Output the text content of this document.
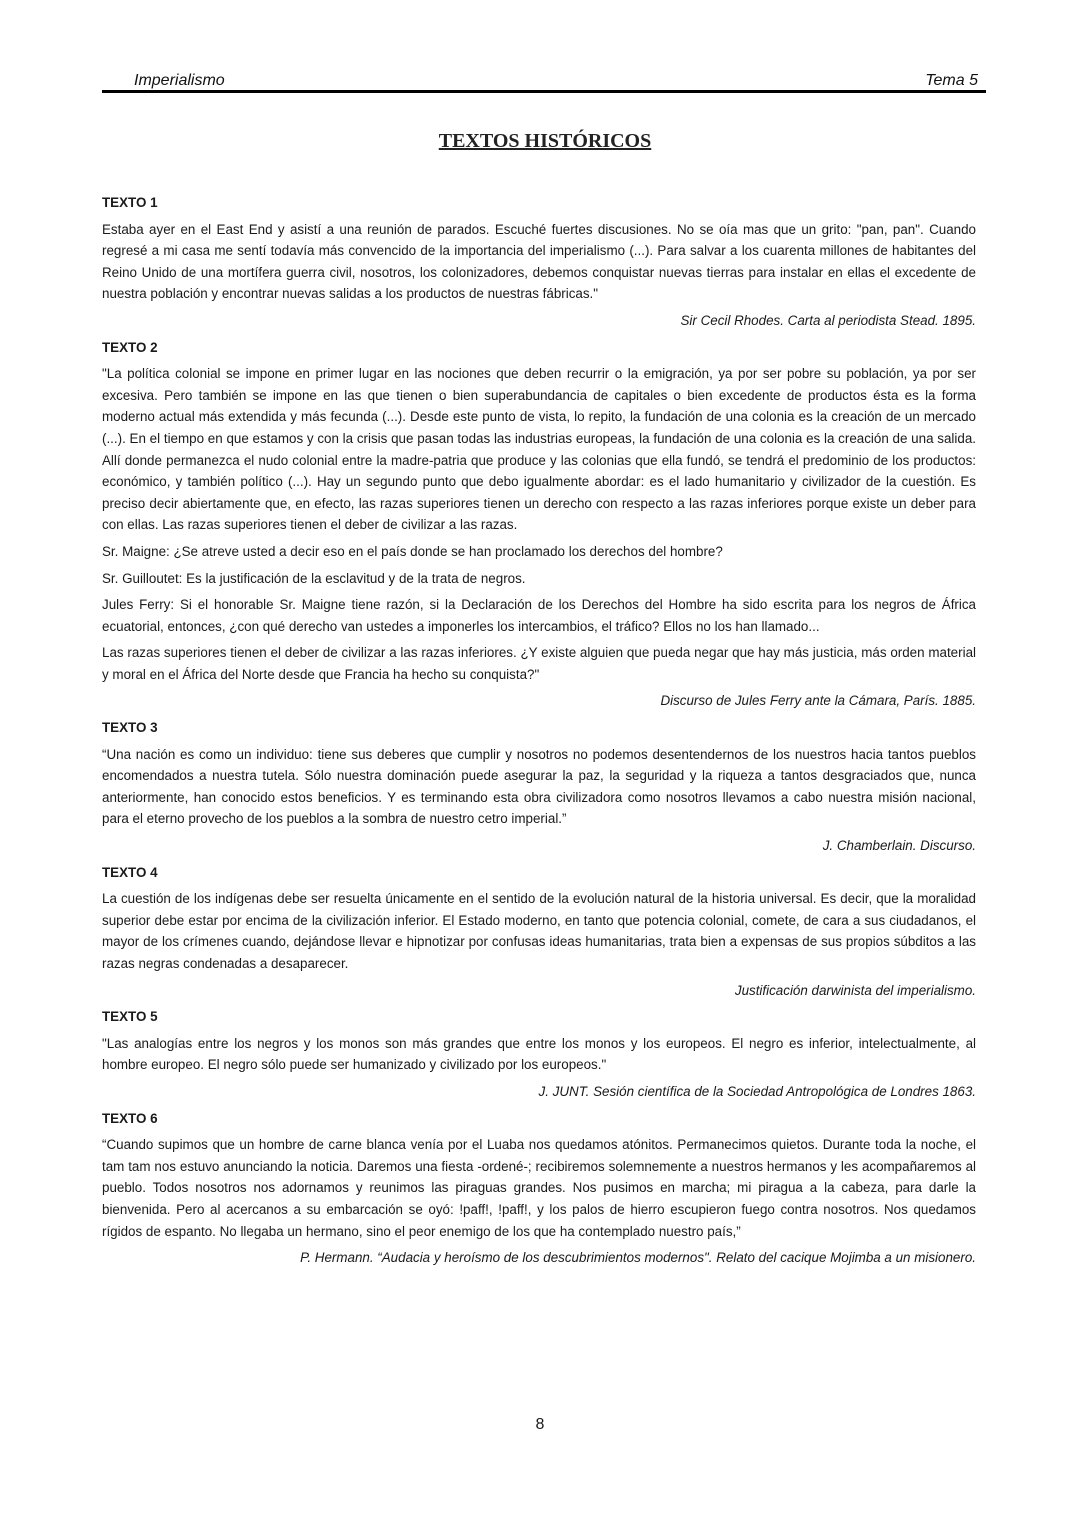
Imperialismo	Tema 5
TEXTOS HISTÓRICOS
TEXTO 1

Estaba ayer en el East End y asistí a una reunión de parados. Escuché fuertes discusiones. No se oía mas que un grito: "pan, pan". Cuando regresé a mi casa me sentí todavía más convencido de la importancia del imperialismo (...). Para salvar a los cuarenta millones de habitantes del Reino Unido de una mortífera guerra civil, nosotros, los colonizadores, debemos conquistar nuevas tierras para instalar en ellas el excedente de nuestra población y encontrar nuevas salidas a los productos de nuestras fábricas."

Sir Cecil Rhodes. Carta al periodista Stead. 1895.

TEXTO 2

"La política colonial se impone en primer lugar en las nociones que deben recurrir o la emigración, ya por ser pobre su población, ya por ser excesiva. Pero también se impone en las que tienen o bien superabundancia de capitales o bien excedente de productos ésta es la forma moderno actual más extendida y más fecunda (...). Desde este punto de vista, lo repito, la fundación de una colonia es la creación de un mercado (...). En el tiempo en que estamos y con la crisis que pasan todas las industrias europeas, la fundación de una colonia es la creación de una salida. Allí donde permanezca el nudo colonial entre la madre-patria que produce y las colonias que ella fundó, se tendrá el predominio de los productos: económico, y también político (...). Hay un segundo punto que debo igualmente abordar: es el lado humanitario y civilizador de la cuestión. Es preciso decir abiertamente que, en efecto, las razas superiores tienen un derecho con respecto a las razas inferiores porque existe un deber para con ellas. Las razas superiores tienen el deber de civilizar a las razas.

Sr. Maigne: ¿Se atreve usted a decir eso en el país donde se han proclamado los derechos del hombre?

Sr. Guilloutet: Es la justificación de la esclavitud y de la trata de negros.

Jules Ferry: Si el honorable Sr. Maigne tiene razón, si la Declaración de los Derechos del Hombre ha sido escrita para los negros de África ecuatorial, entonces, ¿con qué derecho van ustedes a imponerles los intercambios, el tráfico? Ellos no los han llamado...

Las razas superiores tienen el deber de civilizar a las razas inferiores. ¿Y existe alguien que pueda negar que hay más justicia, más orden material y moral en el África del Norte desde que Francia ha hecho su conquista?"

Discurso de Jules Ferry ante la Cámara, París. 1885.

TEXTO 3

“Una nación es como un individuo: tiene sus deberes que cumplir y nosotros no podemos desentendernos de los nuestros hacia tantos pueblos encomendados a nuestra tutela. Sólo nuestra dominación puede asegurar la paz, la seguridad y la riqueza a tantos desgraciados que, nunca anteriormente, han conocido estos beneficios. Y es terminando esta obra civilizadora como nosotros llevamos a cabo nuestra misión nacional, para el eterno provecho de los pueblos a la sombra de nuestro cetro imperial.”

J. Chamberlain. Discurso.

TEXTO 4

La cuestión de los indígenas debe ser resuelta únicamente en el sentido de la evolución natural de la historia universal. Es decir, que la moralidad superior debe estar por encima de la civilización inferior. El Estado moderno, en tanto que potencia colonial, comete, de cara a sus ciudadanos, el mayor de los crímenes cuando, dejándose llevar e hipnotizar por confusas ideas humanitarias, trata bien a expensas de sus propios súbditos a las razas negras condenadas a desaparecer.

Justificación darwinista del imperialismo.

TEXTO 5

"Las analogías entre los negros y los monos son más grandes que entre los monos y los europeos. El negro es inferior, intelectualmente, al hombre europeo. El negro sólo puede ser humanizado y civilizado por los europeos."

J. JUNT. Sesión científica de la Sociedad Antropológica de Londres 1863.

TEXTO 6

“Cuando supimos que un hombre de carne blanca venía por el Luaba nos quedamos atónitos. Permanecimos quietos. Durante toda la noche, el tam tam nos estuvo anunciando la noticia. Daremos una fiesta -ordené-; recibiremos solemnemente a nuestros hermanos y les acompañaremos al pueblo. Todos nosotros nos adornamos y reunimos las piraguas grandes. Nos pusimos en marcha; mi piragua a la cabeza, para darle la bienvenida. Pero al acercanos a su embarcación se oyó: !paff!, !paff!, y los palos de hierro escupieron fuego contra nosotros. Nos quedamos rígidos de espanto. No llegaba un hermano, sino el peor enemigo de los que ha contemplado nuestro país,”

P. Hermann. “Audacia y heroísmo de los descubrimientos modernos". Relato del cacique Mojimba a un misionero.

8
